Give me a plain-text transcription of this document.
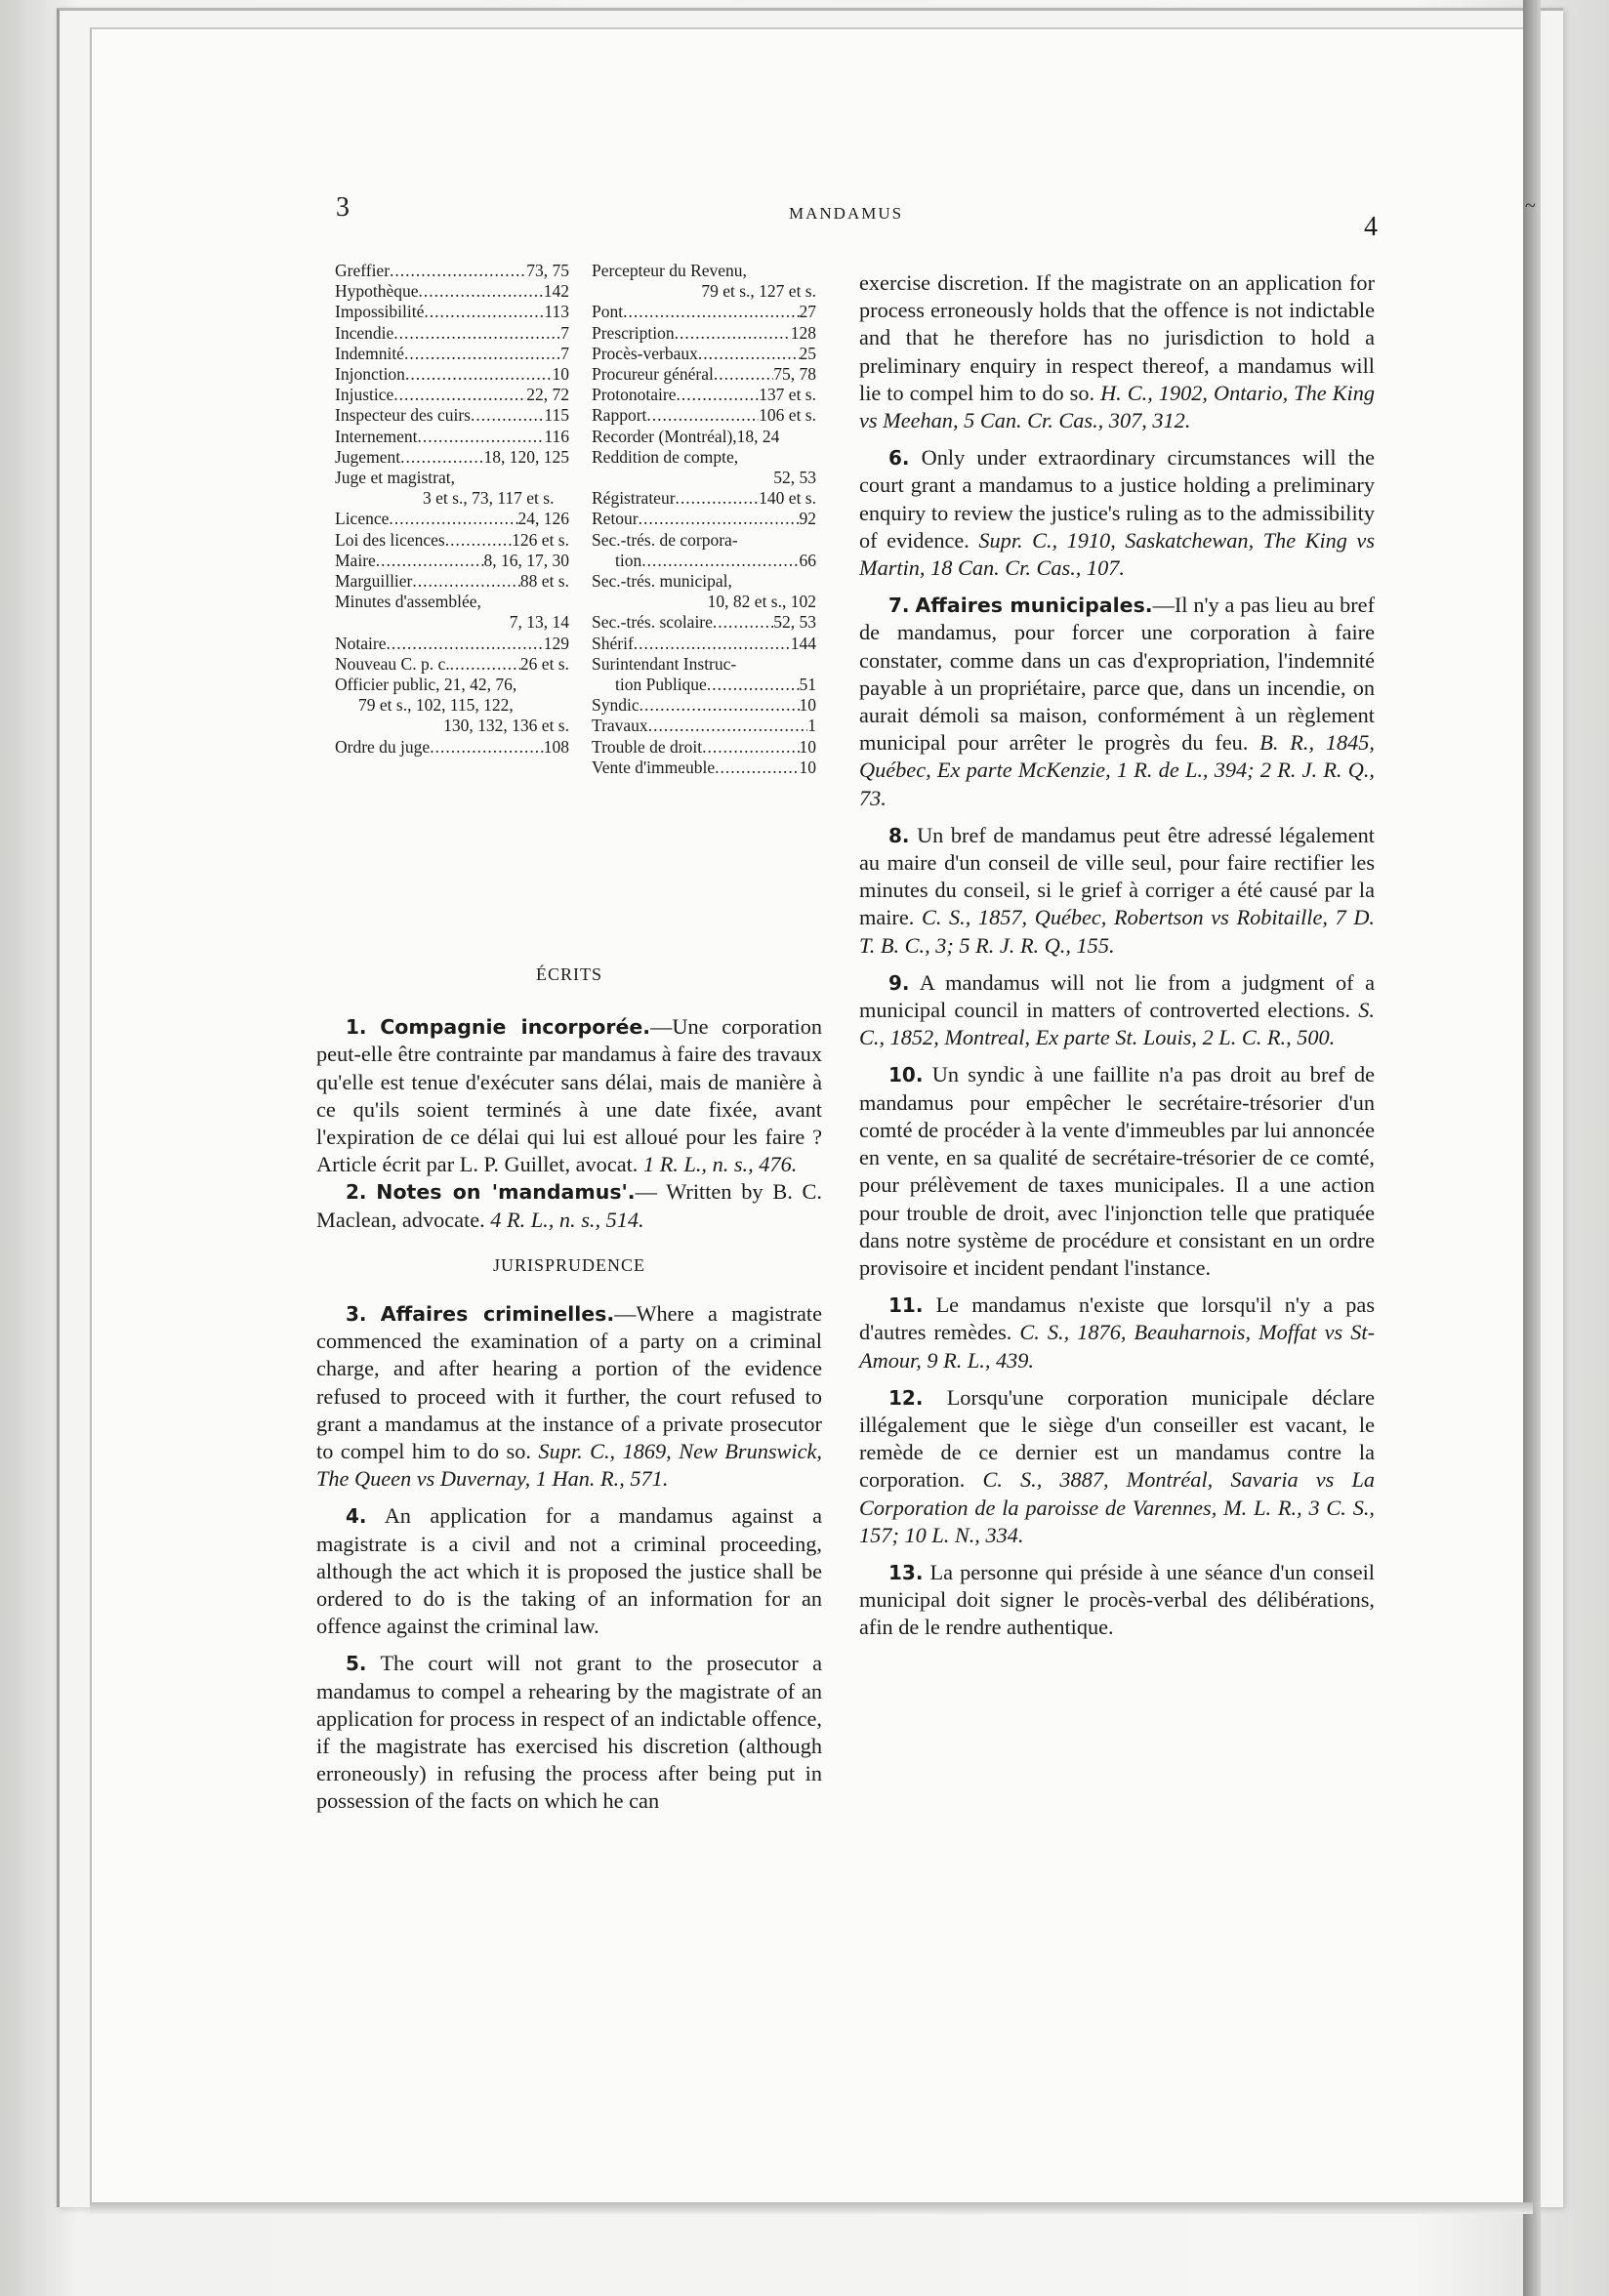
~
3	MANDAMUS	4
Greffier .....	73, 75
Hypothèque .....	142
Impossibilité .....	113
Incendie .....	7
Indemnité .....	7
Injonction .....	10
Injustice .....	22, 72
Inspecteur des cuirs .....	115
Internement .....	116
Jugement .....	18, 120, 125
Juge et magistrat,
3 et s., 73, 117 et s.
Licence .....	24, 126
Loi des licences .....	126 et s.
Maire .....	8, 16, 17, 30
Marguillier .....	88 et s.
Minutes d'assemblée,
7, 13, 14
Notaire .....	129
Nouveau C. p. c. .....	26 et s.
Officier public, 21, 42, 76,
79 et s., 102, 115, 122,
130, 132, 136 et s.
Ordre du juge .....	108
Percepteur du Revenu,
79 et s., 127 et s.
Pont .....	27
Prescription .....	128
Procès-verbaux .....	25
Procureur général .....	75, 78
Protonotaire .....	137 et s.
Rapport .....	106 et s.
Recorder (Montréal),18, 24
Reddition de compte,
52, 53
Régistrateur .....	140 et s.
Retour .....	92
Sec.-trés. de corpora-
tion .....	66
Sec.-trés. municipal,
10, 82 et s., 102
Sec.-trés. scolaire .....	52, 53
Shérif .....	144
Surintendant Instruc-
tion Publique .....	51
Syndic .....	10
Travaux .....	1
Trouble de droit .....	10
Vente d'immeuble .....	10
ÉCRITS

1. Compagnie incorporée.—Une corporation peut-elle être contrainte par mandamus à faire des travaux qu'elle est tenue d'exécuter sans délai, mais de manière à ce qu'ils soient terminés à une date fixée, avant l'expiration de ce délai qui lui est alloué pour les faire ? Article écrit par L. P. Guillet, avocat. 1 R. L., n. s., 476.

2. Notes on 'mandamus'.— Written by B. C. Maclean, advocate. 4 R. L., n. s., 514.

JURISPRUDENCE

3. Affaires criminelles.—Where a magistrate commenced the examination of a party on a criminal charge, and after hearing a portion of the evidence refused to proceed with it further, the court refused to grant a mandamus at the instance of a private prosecutor to compel him to do so. Supr. C., 1869, New Brunswick, The Queen vs Duvernay, 1 Han. R., 571.

4. An application for a mandamus against a magistrate is a civil and not a criminal proceeding, although the act which it is proposed the justice shall be ordered to do is the taking of an information for an offence against the criminal law.

5. The court will not grant to the prosecutor a mandamus to compel a rehearing by the magistrate of an application for process in respect of an indictable offence, if the magistrate has exercised his discretion (although erroneously) in refusing the process after being put in possession of the facts on which he can

exercise discretion. If the magistrate on an application for process erroneously holds that the offence is not indictable and that he therefore has no jurisdiction to hold a preliminary enquiry in respect thereof, a mandamus will lie to compel him to do so. H. C., 1902, Ontario, The King vs Meehan, 5 Can. Cr. Cas., 307, 312.

6. Only under extraordinary circumstances will the court grant a mandamus to a justice holding a preliminary enquiry to review the justice's ruling as to the admissibility of evidence. Supr. C., 1910, Saskatchewan, The King vs Martin, 18 Can. Cr. Cas., 107.

7. Affaires municipales.—Il n'y a pas lieu au bref de mandamus, pour forcer une corporation à faire constater, comme dans un cas d'expropriation, l'indemnité payable à un propriétaire, parce que, dans un incendie, on aurait démoli sa maison, conformément à un règlement municipal pour arrêter le progrès du feu. B. R., 1845, Québec, Ex parte McKenzie, 1 R. de L., 394; 2 R. J. R. Q., 73.

8. Un bref de mandamus peut être adressé légalement au maire d'un conseil de ville seul, pour faire rectifier les minutes du conseil, si le grief à corriger a été causé par la maire. C. S., 1857, Québec, Robertson vs Robitaille, 7 D. T. B. C., 3; 5 R. J. R. Q., 155.

9. A mandamus will not lie from a judgment of a municipal council in matters of controverted elections. S. C., 1852, Montreal, Ex parte St. Louis, 2 L. C. R., 500.

10. Un syndic à une faillite n'a pas droit au bref de mandamus pour empêcher le secrétaire-trésorier d'un comté de procéder à la vente d'immeubles par lui annoncée en vente, en sa qualité de secrétaire-trésorier de ce comté, pour prélèvement de taxes municipales. Il a une action pour trouble de droit, avec l'injonction telle que pratiquée dans notre système de procédure et consistant en un ordre provisoire et incident pendant l'instance.

11. Le mandamus n'existe que lorsqu'il n'y a pas d'autres remèdes. C. S., 1876, Beauharnois, Moffat vs St-Amour, 9 R. L., 439.

12. Lorsqu'une corporation municipale déclare illégalement que le siège d'un conseiller est vacant, le remède de ce dernier est un mandamus contre la corporation. C. S., 3887, Montréal, Savaria vs La Corporation de la paroisse de Varennes, M. L. R., 3 C. S., 157; 10 L. N., 334.

13. La personne qui préside à une séance d'un conseil municipal doit signer le procès-verbal des délibérations, afin de le rendre authentique.
